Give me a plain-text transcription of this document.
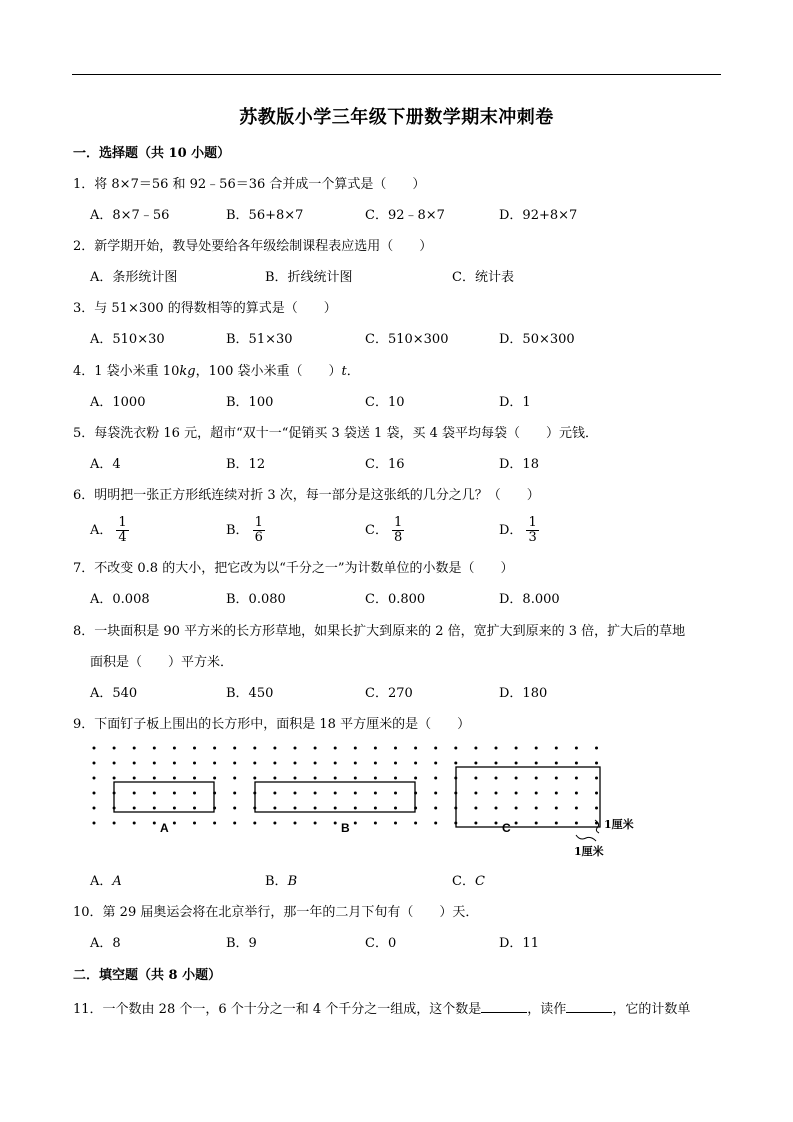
苏教版小学三年级下册数学期末冲刺卷
一．选择题（共 10 小题）
1．将 8×7＝56 和 92﹣56＝36 合并成一个算式是（　　）
A．8×7﹣56	B．56+8×7	C．92﹣8×7	D．92+8×7
2．新学期开始，教导处要给各年级绘制课程表应选用（　　）
A．条形统计图	B．折线统计图	C．统计表
3．与 51×300 的得数相等的算式是（　　）
A．510×30	B．51×30	C．510×300	D．50×300
4．1 袋小米重 10kg，100 袋小米重（　　）t．
A．1000	B．100	C．10	D．1
5．每袋洗衣粉 16 元，超市“双十一“促销买 3 袋送 1 袋，买 4 袋平均每袋（　　）元钱．
A．4	B．12	C．16	D．18
6．明明把一张正方形纸连续对折 3 次，每一部分是这张纸的几分之几？（　　）
A． $\frac{1}{4}$	B． $\frac{1}{6}$	C． $\frac{1}{8}$	D． $\frac{1}{3}$
7．不改变 0.8 的大小，把它改为以“千分之一”为计数单位的小数是（　　）
A．0.008	B．0.080	C．0.800	D．8.000
8．一块面积是 90 平方米的长方形草地，如果长扩大到原来的 2 倍，宽扩大到原来的 3 倍，扩大后的草地
面积是（　　）平方米．
A．540	B．450	C．270	D．180
9．下面钉子板上围出的长方形中，面积是 18 平方厘米的是（　　）
A	B	C	1厘米
1厘米
A．A	B．B	C．C
10．第 29 届奥运会将在北京举行，那一年的二月下旬有（　　）天．
A．8	B．9	C．0	D．11
二．填空题（共 8 小题）
11．一个数由 28 个一，6 个十分之一和 4 个千分之一组成，这个数是	，读作	，它的计数单
